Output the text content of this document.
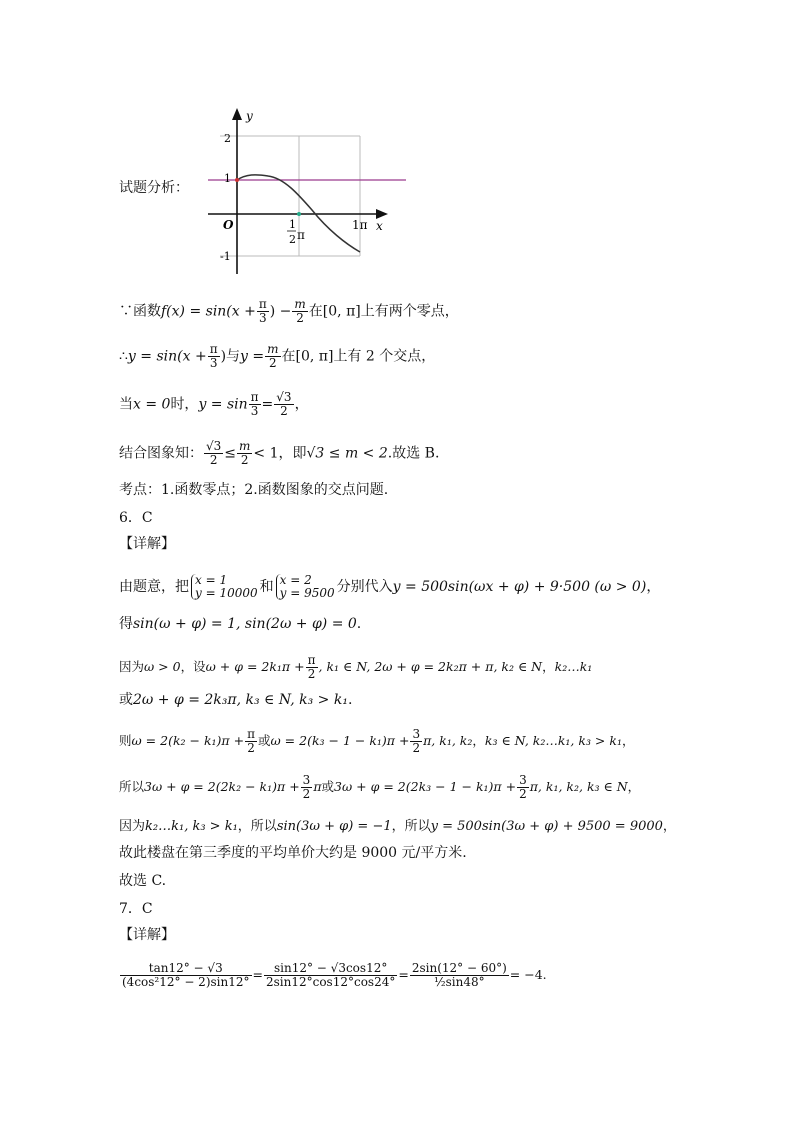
试题分析：
y
x
2
1
-1
O	1
2 π
1π
∵函数$f(x) = \sin(x + \frac{\pi}{3}$ ) − $\frac{m}{2}$ 在[0, π]上有两个零点，
∴y = $\sin(x + \frac{\pi}{3}$ )与$y = \frac{m}{2}$ 在[0, π]上有 2 个交点，
当x = 0时，$y = \sin \frac{\pi}{3} = \frac{√3}{2}$ ，
结合图象知： $\frac{√3}{2} \le \frac{m}{2} < 1$，即√3 ≤ m < 2.故选 B.
考点：1.函数零点；2.函数图象的交点问题.
6．C
【详解】
由题意，把 x = 1
y = 10000 和 x = 2
y = 9500 分别代入y = 500sin(ωx + φ) + 9·500 (ω > 0)，
得sin(ω + φ) = 1, sin(2ω + φ) = 0.
因为ω > 0，设$\omega + \varphi = 2k_1\pi + \frac{\pi}{2}$ , k₁ ∈ N, 2ω + φ = 2k₂π + π, k₂ ∈ N，k₂…k₁
或2ω + φ = 2k₃π, k₃ ∈ N, k₃ > k₁.
则$\omega = 2(k_2 - k_1)\pi + \frac{\pi}{2}$ 或$\omega = 2(k_3 - 1 - k_1)\pi + \frac{3}{2} \pi$, k₁, k₂，k₃ ∈ N, k₂…k₁, k₃ > k₁，
所以$3\omega + \varphi = 2(2k_2 - k_1)\pi + \frac{3}{2}$ π或$3\omega + \varphi = 2(2k_3 - 1 - k_1)\pi + \frac{3}{2} \pi$, k₁, k₂, k₃ ∈ N，
因为k₂…k₁, k₃ > k₁，所以sin(3ω + φ) = −1，所以y = 500sin(3ω + φ) + 9500 = 9000，
故此楼盘在第三季度的平均单价大约是 9000 元/平方米.
故选 C.
7．C
【详解】
$\frac{\tan 12^\circ - √3}{\text{(4cos²12° − 2)sin12°}} = \frac{\sin 12^\circ - √3\cos 12^\circ}{2\sin 12^\circ\cos 12^\circ\cos 24^\circ} = \frac{2\sin(12^\circ - 60^\circ)}{\text{½sin48°}} = -4$.
